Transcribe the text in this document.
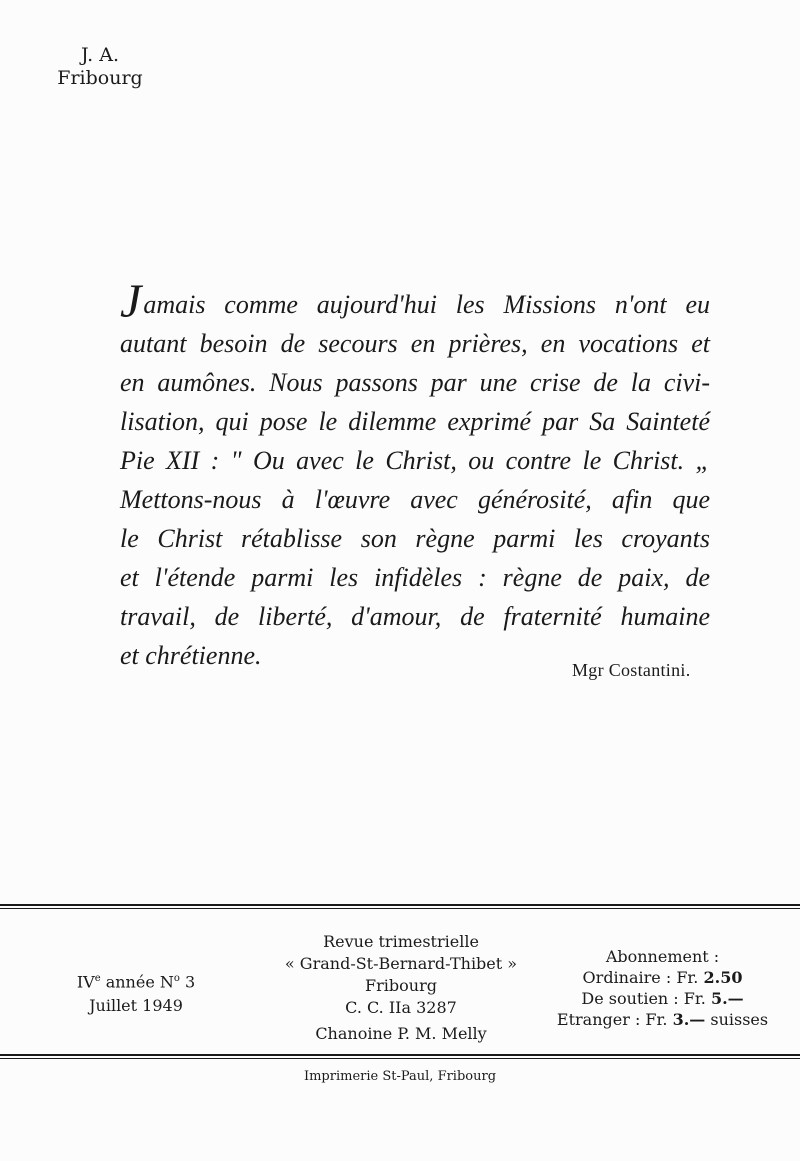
J. A.
Fribourg
Jamais comme aujourd'hui les Missions n'ont eu
autant besoin de secours en prières, en vocations et
en aumônes. Nous passons par une crise de la civi-
lisation, qui pose le dilemme exprimé par Sa Sainteté
Pie XII : " Ou avec le Christ, ou contre le Christ. „
Mettons-nous à l'œuvre avec générosité, afin que
le Christ rétablisse son règne parmi les croyants
et l'étende parmi les infidèles : règne de paix, de
travail, de liberté, d'amour, de fraternité humaine
et chrétienne.	Mgr Costantini.
IVe année $N^o$ 3
Juillet 1949
Revue trimestrielle
« Grand-St-Bernard-Thibet »
Fribourg
C. C. IIa 3287
Chanoine P. M. Melly
Abonnement :
Ordinaire : Fr. 2.50
De soutien : Fr. 5.—
Etranger : Fr. 3.— suisses
Imprimerie St-Paul, Fribourg
